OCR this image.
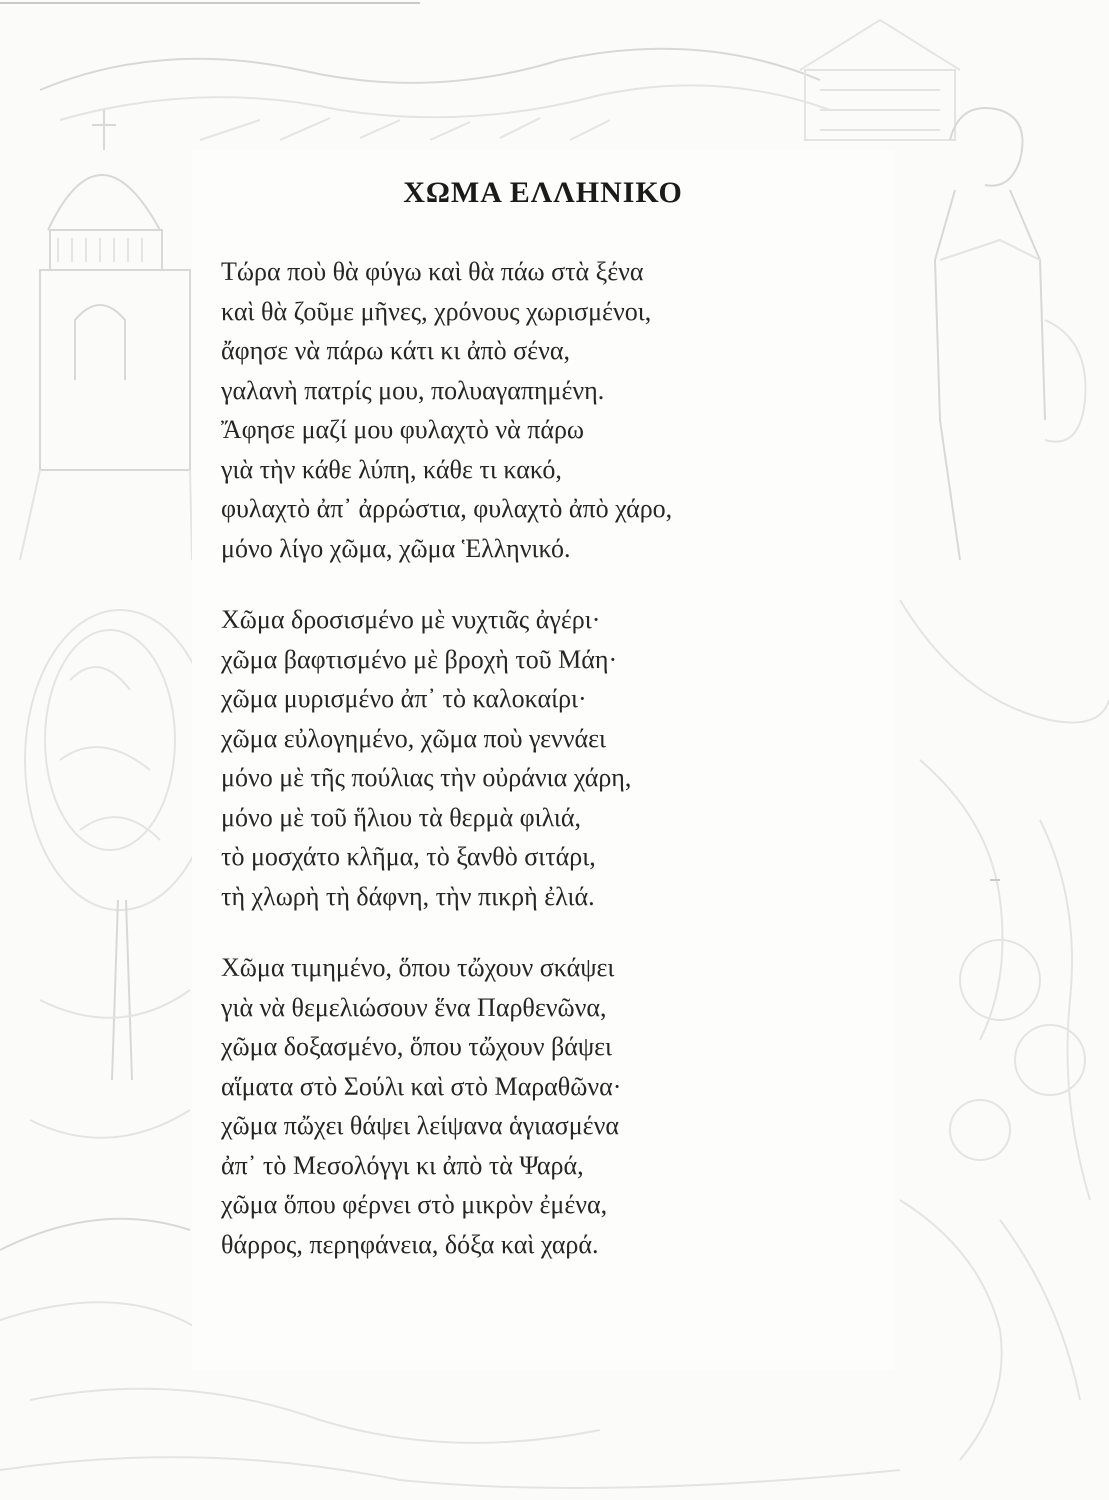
ΧΩΜΑ ΕΛΛΗΝΙΚΟ
Τώρα ποὺ θὰ φύγω καὶ θὰ πάω στὰ ξένα
καὶ θὰ ζοῦμε μῆνες, χρόνους χωρισμένοι,
ἄφησε νὰ πάρω κάτι κι ἀπὸ σένα,
γαλανὴ πατρίς μου, πολυαγαπημένη.
Ἄφησε μαζί μου φυλαχτὸ νὰ πάρω
γιὰ τὴν κάθε λύπη, κάθε τι κακό,
φυλαχτὸ ἀπ᾿ ἀρρώστια, φυλαχτὸ ἀπὸ χάρο,
μόνο λίγο χῶμα, χῶμα Ἑλληνικό.
Χῶμα δροσισμένο μὲ νυχτιᾶς ἀγέρι·
χῶμα βαφτισμένο μὲ βροχὴ τοῦ Μάη·
χῶμα μυρισμένο ἀπ᾿ τὸ καλοκαίρι·
χῶμα εὐλογημένο, χῶμα ποὺ γεννάει
μόνο μὲ τῆς πούλιας τὴν οὐράνια χάρη,
μόνο μὲ τοῦ ἥλιου τὰ θερμὰ φιλιά,
τὸ μοσχάτο κλῆμα, τὸ ξανθὸ σιτάρι,
τὴ χλωρὴ τὴ δάφνη, τὴν πικρὴ ἐλιά.
Χῶμα τιμημένο, ὅπου τὤχουν σκάψει
γιὰ νὰ θεμελιώσουν ἕνα Παρθενῶνα,
χῶμα δοξασμένο, ὅπου τὤχουν βάψει
αἵματα στὸ Σούλι καὶ στὸ Μαραθῶνα·
χῶμα πὤχει θάψει λείψανα ἁγιασμένα
ἀπ᾿ τὸ Μεσολόγγι κι ἀπὸ τὰ Ψαρά,
χῶμα ὅπου φέρνει στὸ μικρὸν ἐμένα,
θάρρος, περηφάνεια, δόξα καὶ χαρά.
